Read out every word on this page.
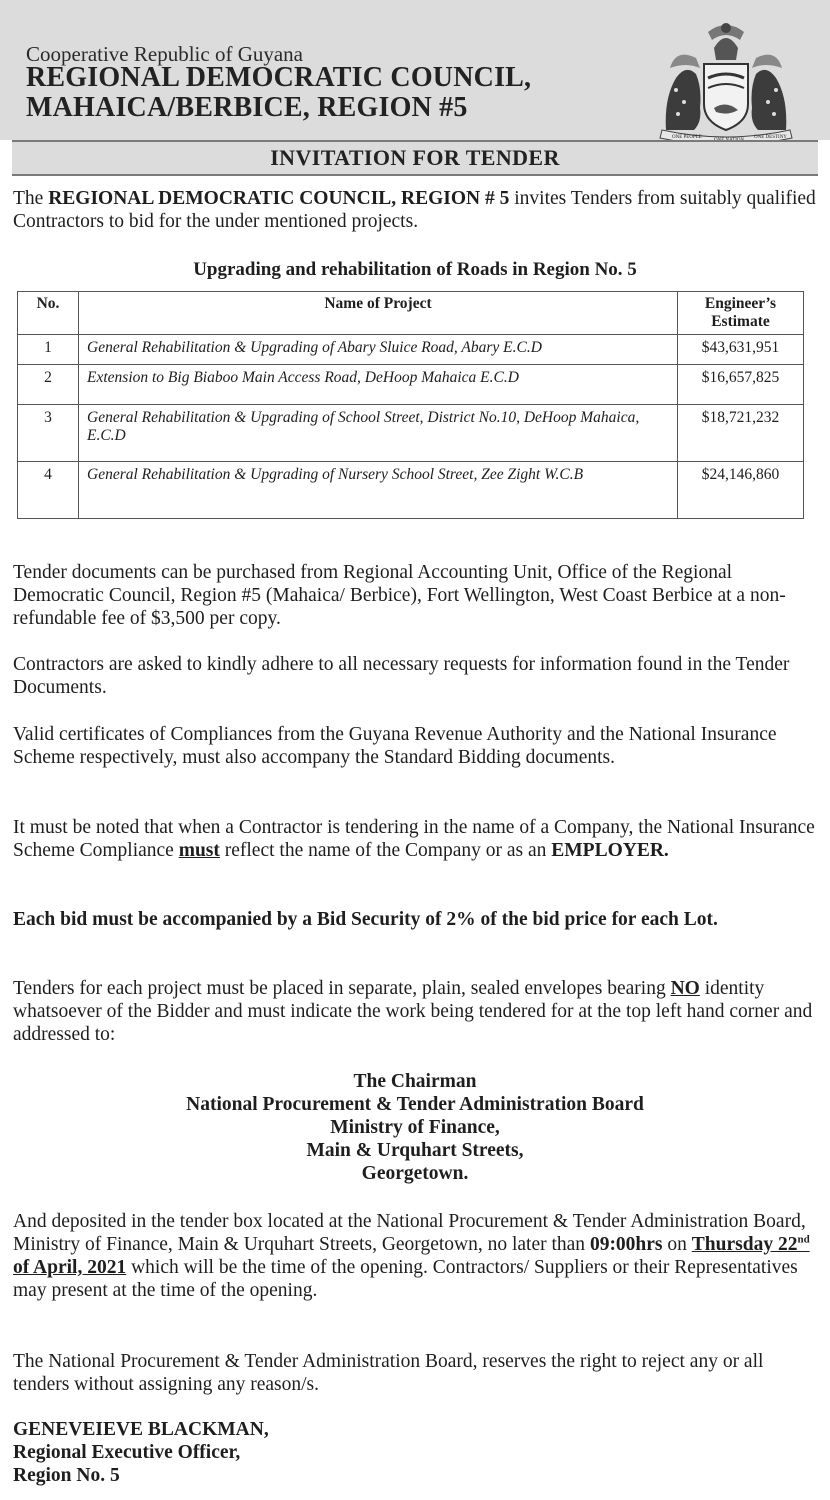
Cooperative Republic of Guyana
REGIONAL DEMOCRATIC COUNCIL,
MAHAICA/BERBICE, REGION #5
ONE PEOPLE	ONE DESTINY
INVITATION FOR TENDER
The REGIONAL DEMOCRATIC COUNCIL, REGION # 5 invites Tenders from suitably qualified Contractors to bid for the under mentioned projects.
Upgrading and rehabilitation of Roads in Region No. 5
No.	Name of Project	Engineer’s
Estimate
1	General Rehabilitation & Upgrading of Abary Sluice Road, Abary E.C.D	$43,631,951
2	Extension to Big Biaboo Main Access Road, DeHoop Mahaica E.C.D	$16,657,825
3	General Rehabilitation & Upgrading of School Street, District No.10, DeHoop Mahaica, E.C.D	$18,721,232
4	General Rehabilitation & Upgrading of Nursery School Street, Zee Zight W.C.B	$24,146,860
Tender documents can be purchased from Regional Accounting Unit, Office of the Regional Democratic Council, Region #5 (Mahaica/ Berbice), Fort Wellington, West Coast Berbice at a non- refundable fee of $3,500 per copy.
Contractors are asked to kindly adhere to all necessary requests for information found in the Tender Documents.
Valid certificates of Compliances from the Guyana Revenue Authority and the National Insurance Scheme respectively, must also accompany the Standard Bidding documents.
It must be noted that when a Contractor is tendering in the name of a Company, the National Insurance Scheme Compliance must reflect the name of the Company or as an EMPLOYER.
Each bid must be accompanied by a Bid Security of 2% of the bid price for each Lot.
Tenders for each project must be placed in separate, plain, sealed envelopes bearing NO identity whatsoever of the Bidder and must indicate the work being tendered for at the top left hand corner and addressed to:
The Chairman
National Procurement & Tender Administration Board
Ministry of Finance,
Main & Urquhart Streets,
Georgetown.
And deposited in the tender box located at the National Procurement & Tender Administration Board, Ministry of Finance, Main & Urquhart Streets, Georgetown, no later than 09:00hrs on Thursday 22nd of April, 2021 which will be the time of the opening. Contractors/ Suppliers or their Representatives may present at the time of the opening.
The National Procurement & Tender Administration Board, reserves the right to reject any or all tenders without assigning any reason/s.
GENEVEIEVE BLACKMAN,
Regional Executive Officer,
Region No. 5
